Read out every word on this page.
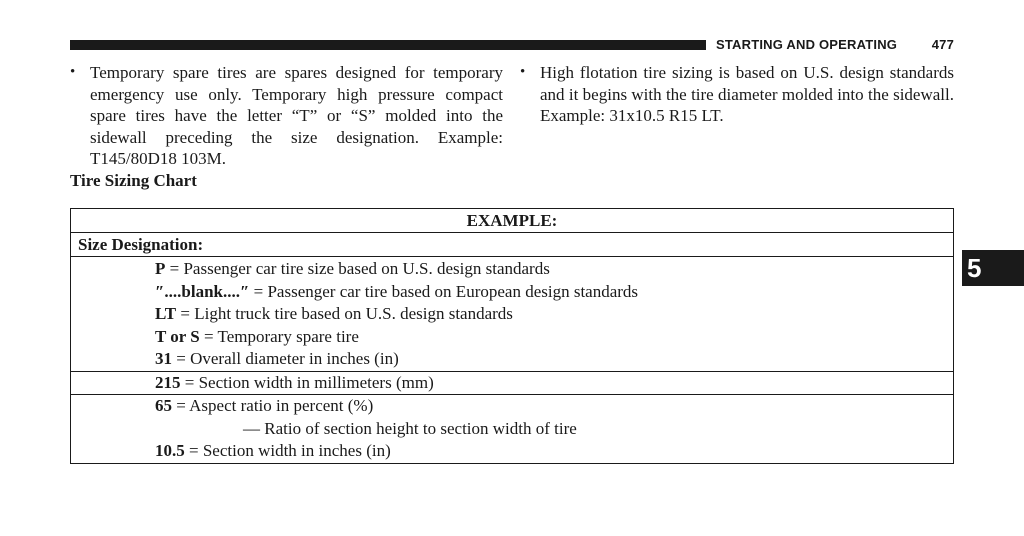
STARTING AND OPERATING	477
• Temporary spare tires are spares designed for temporary emergency use only. Temporary high pressure compact spare tires have the letter “T” or “S” molded into the sidewall preceding the size designation. Example: T145/80D18 103M.
• High flotation tire sizing is based on U.S. design standards and it begins with the tire diameter molded into the sidewall. Example: 31x10.5 R15 LT.
Tire Sizing Chart
EXAMPLE:
Size Designation:
P = Passenger car tire size based on U.S. design standards
″....blank....″ = Passenger car tire based on European design standards
LT = Light truck tire based on U.S. design standards
T or S = Temporary spare tire
31 = Overall diameter in inches (in)
215 = Section width in millimeters (mm)
65 = Aspect ratio in percent (%)
— Ratio of section height to section width of tire
10.5 = Section width in inches (in)
5
